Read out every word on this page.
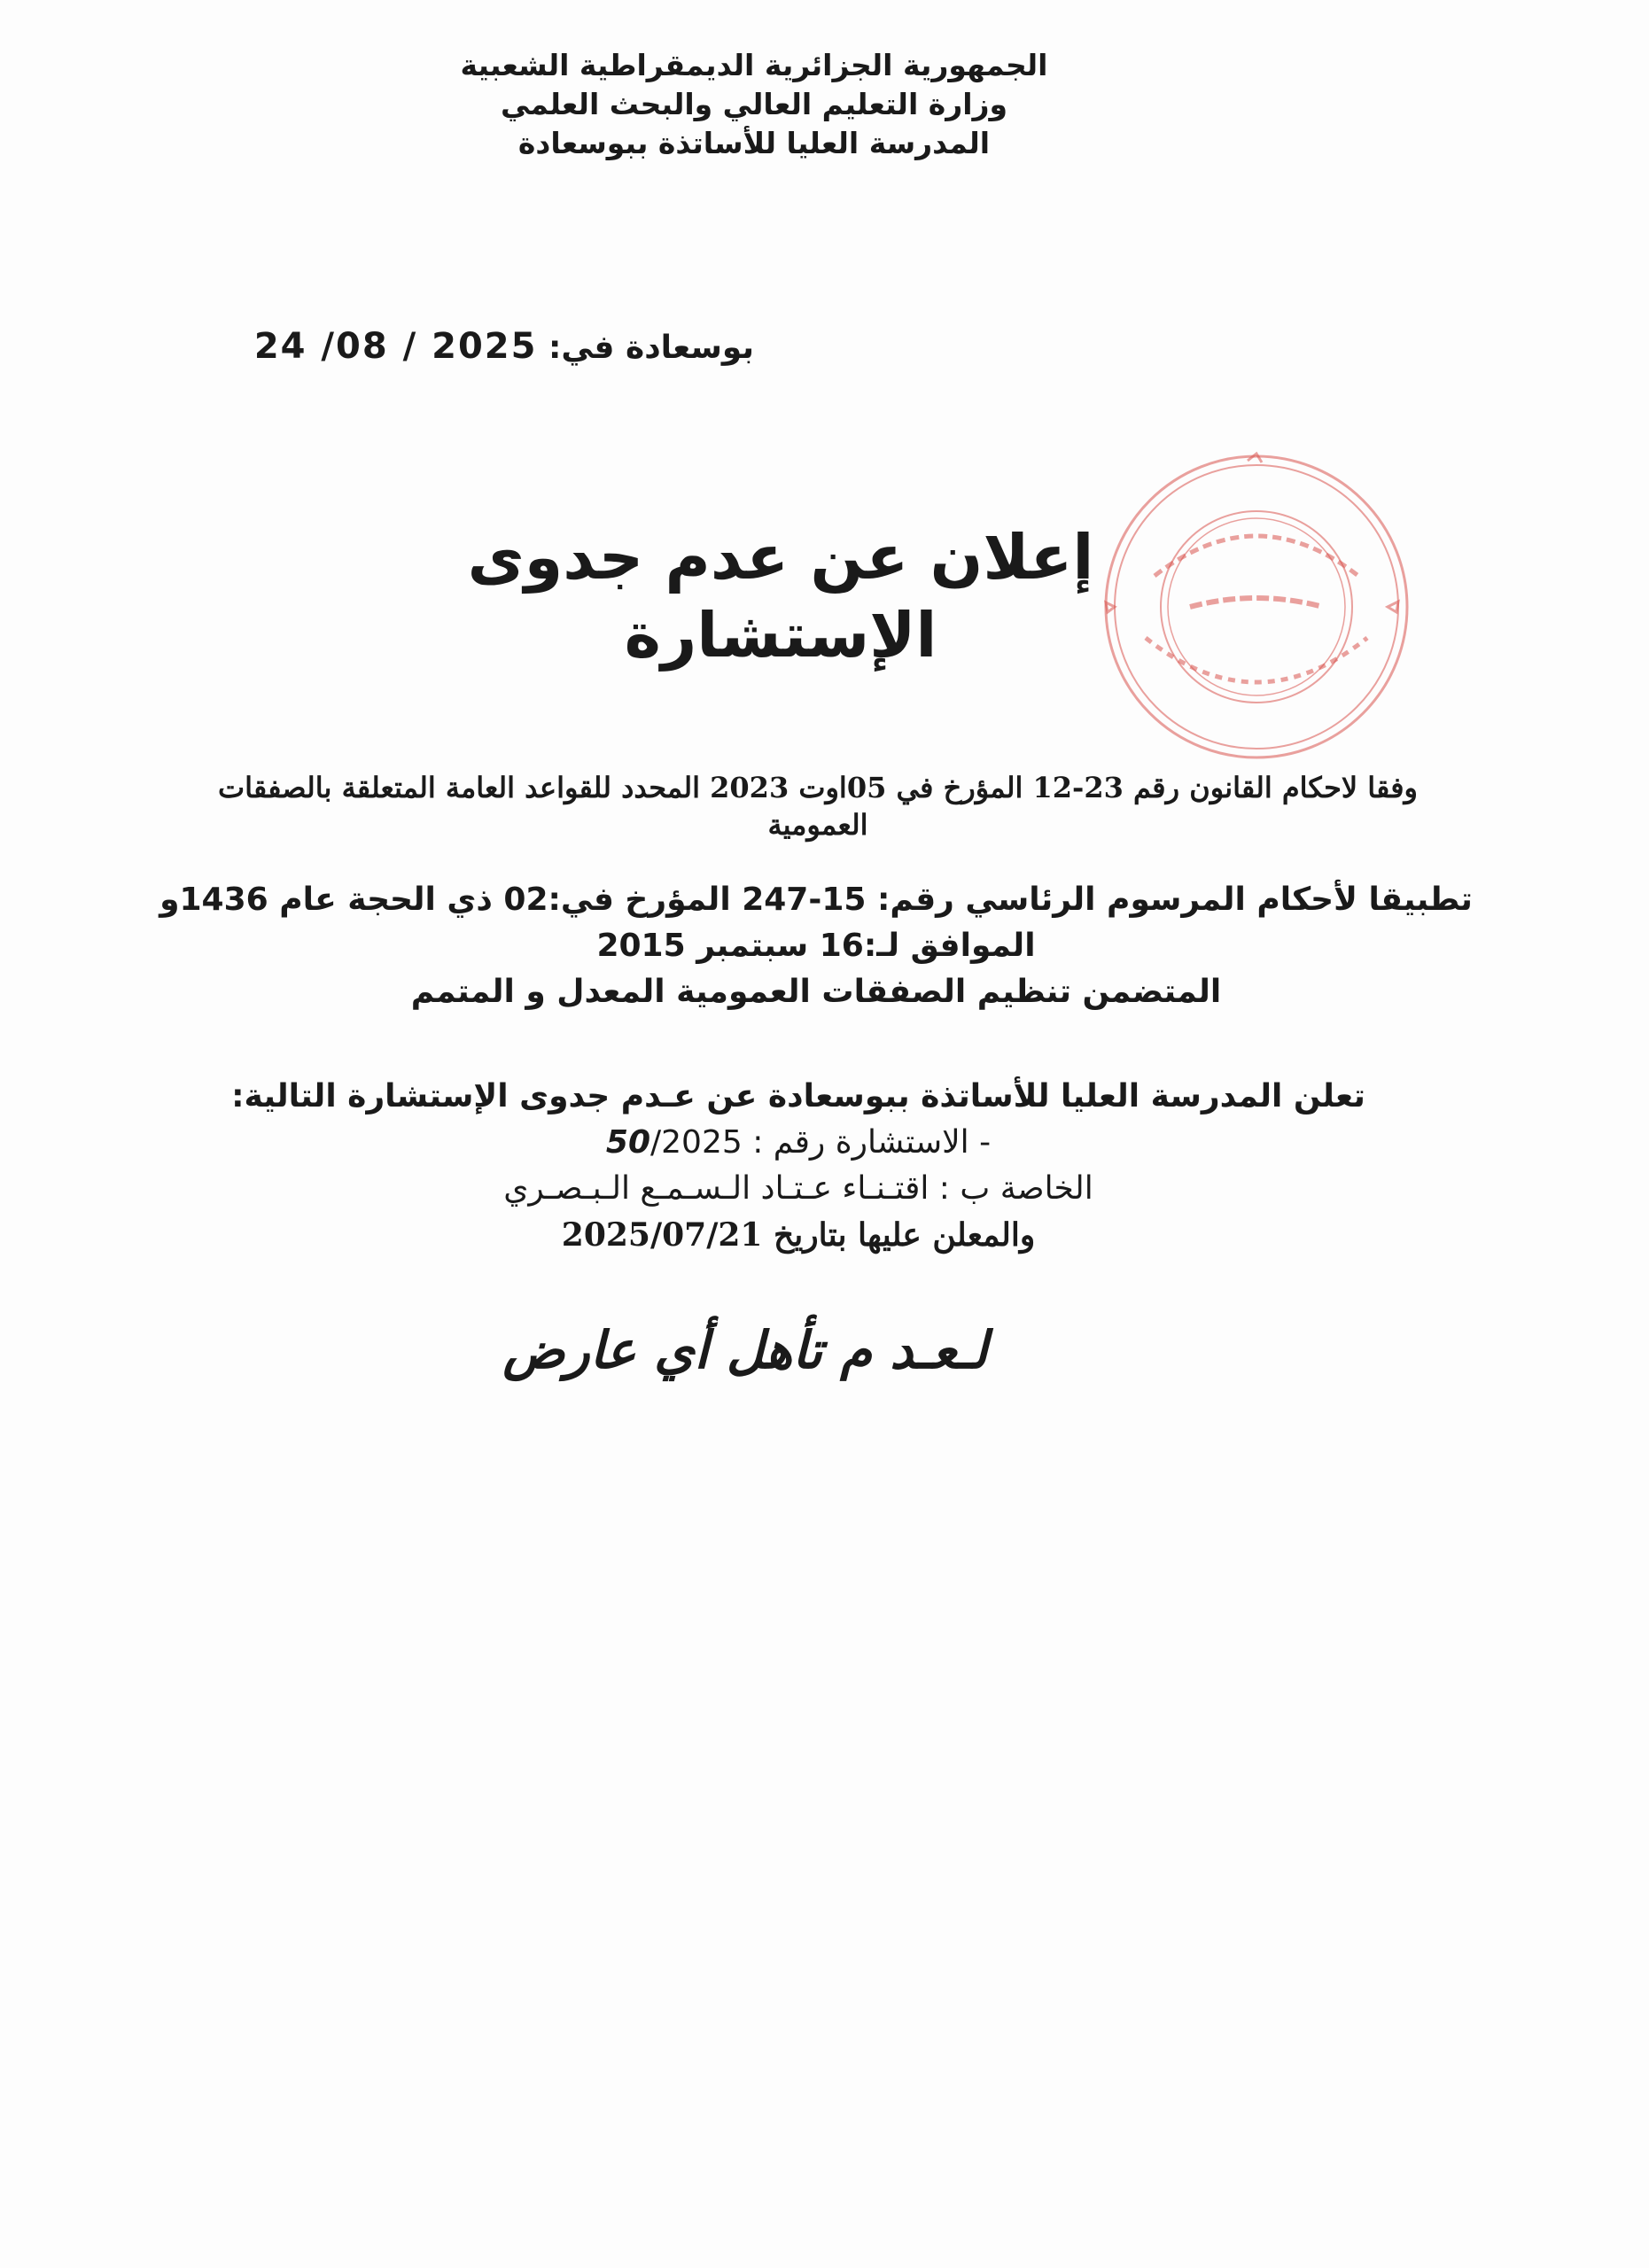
الجمهورية الجزائرية الديمقراطية الشعبية
وزارة التعليم العالي والبحث العلمي
المدرسة العليا للأساتذة ببوسعادة
بوسعادة في: 24 /08 / 2025
إعلان عن عدم جدوى
الإستشارة
وفقا لاحكام القانون رقم 23-12 المؤرخ في 05اوت 2023 المحدد للقواعد العامة المتعلقة بالصفقات
العمومية
تطبيقا لأحكام المرسوم الرئاسي رقم: 15-247 المؤرخ في:02 ذي الحجة عام 1436و
الموافق لـ:16 سبتمبر 2015
المتضمن تنظيم الصفقات العمومية المعدل و المتمم
تعلن المدرسة العليا للأساتذة ببوسعادة عن عـدم جدوى الإستشارة التالية:
- الاستشارة رقم : 50/2025
الخاصة ب : اقتـنـاء عـتـاد الـسـمـع الـبـصـري
والمعلن عليها بتاريخ 2025/07/21
لـعـد م تأهل أي عارض
